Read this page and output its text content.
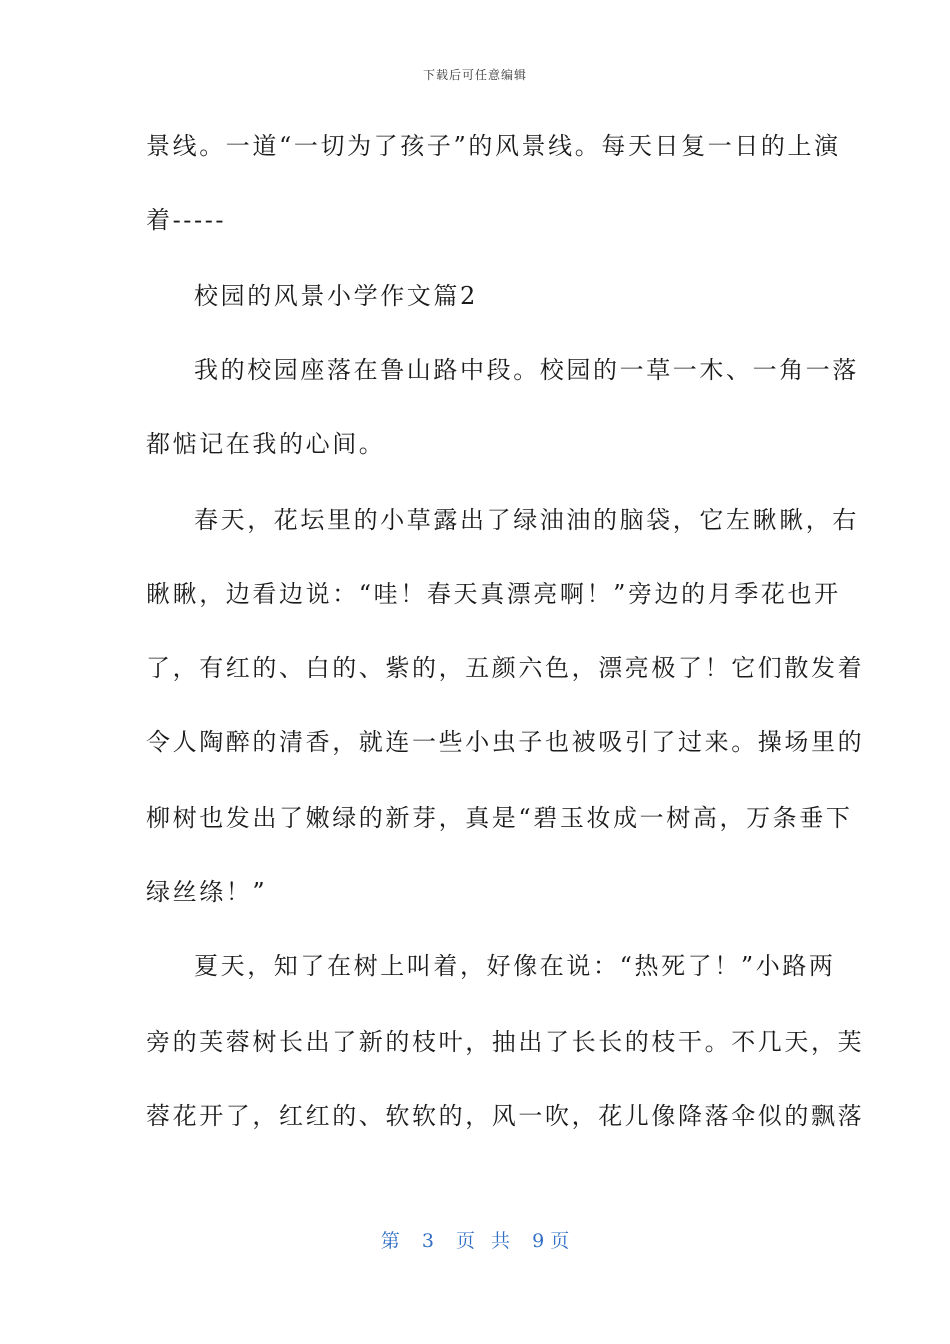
下载后可任意编辑
景线。一道“一切为了孩子”的风景线。每天日复一日的上演
着-----
校园的风景小学作文篇2
我的校园座落在鲁山路中段。校园的一草一木、一角一落
都惦记在我的心间。
春天，花坛里的小草露出了绿油油的脑袋，它左瞅瞅，右
瞅瞅，边看边说：“哇！春天真漂亮啊！”旁边的月季花也开
了，有红的、白的、紫的，五颜六色，漂亮极了！它们散发着
令人陶醉的清香，就连一些小虫子也被吸引了过来。操场里的
柳树也发出了嫩绿的新芽，真是“碧玉妆成一树高，万条垂下
绿丝绦！”
夏天，知了在树上叫着，好像在说：“热死了！”小路两
旁的芙蓉树长出了新的枝叶，抽出了长长的枝干。不几天，芙
蓉花开了，红红的、软软的，风一吹，花儿像降落伞似的飘落
第 3 页 共 9 页
